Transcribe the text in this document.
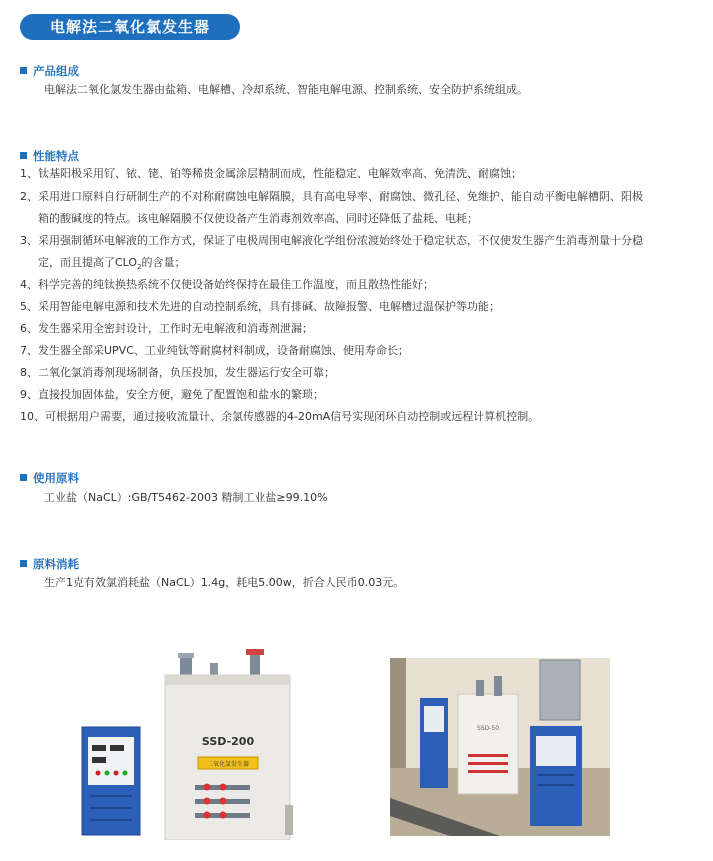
电解法二氧化氯发生器
产品组成
电解法二氧化氯发生器由盐箱、电解槽、冷却系统、智能电解电源、控制系统、安全防护系统组成。
性能特点
1、钛基阳极采用钌、铱、铑、铂等稀贵金属涂层精制而成，性能稳定、电解效率高、免清洗、耐腐蚀；
2、采用进口原料自行研制生产的不对称耐腐蚀电解隔膜，具有高电导率、耐腐蚀、微孔径、免维护、能自动平衡电解槽阴、阳极
箱的酸碱度的特点。该电解隔膜不仅使设备产生消毒剂效率高、同时还降低了盐耗、电耗；
3、采用强制循环电解液的工作方式，保证了电极周围电解液化学组份浓渡始终处于稳定状态，不仅使发生器产生消毒剂量十分稳
定，而且提高了$CLO_2$的含量；
4、科学完善的纯钛换热系统不仅使设备始终保持在最佳工作温度，而且散热性能好；
5、采用智能电解电源和技术先进的自动控制系统，具有排碱、故障报警、电解槽过温保护等功能；
6、发生器采用全密封设计，工作时无电解液和消毒剂泄漏；
7、发生器全部采UPVC、工业纯钛等耐腐材料制成，设备耐腐蚀、使用寿命长；
8、二氧化氯消毒剂现场制备，负压投加，发生器运行安全可靠；
9、直接投加固体盐，安全方便，避免了配置饱和盐水的繁琐；
10、可根据用户需要，通过接收流量计、余氯传感器的4-20mA信号实现闭环自动控制或远程计算机控制。
使用原料
工业盐（NaCL）:GB/T5462-2003 精制工业盐≥99.10%
原料消耗
生产1克有效氯消耗盐（NaCL）1.4g，耗电5.00w，折合人民币0.03元。
SSD-200
二氧化氯发生器
SSD-50
